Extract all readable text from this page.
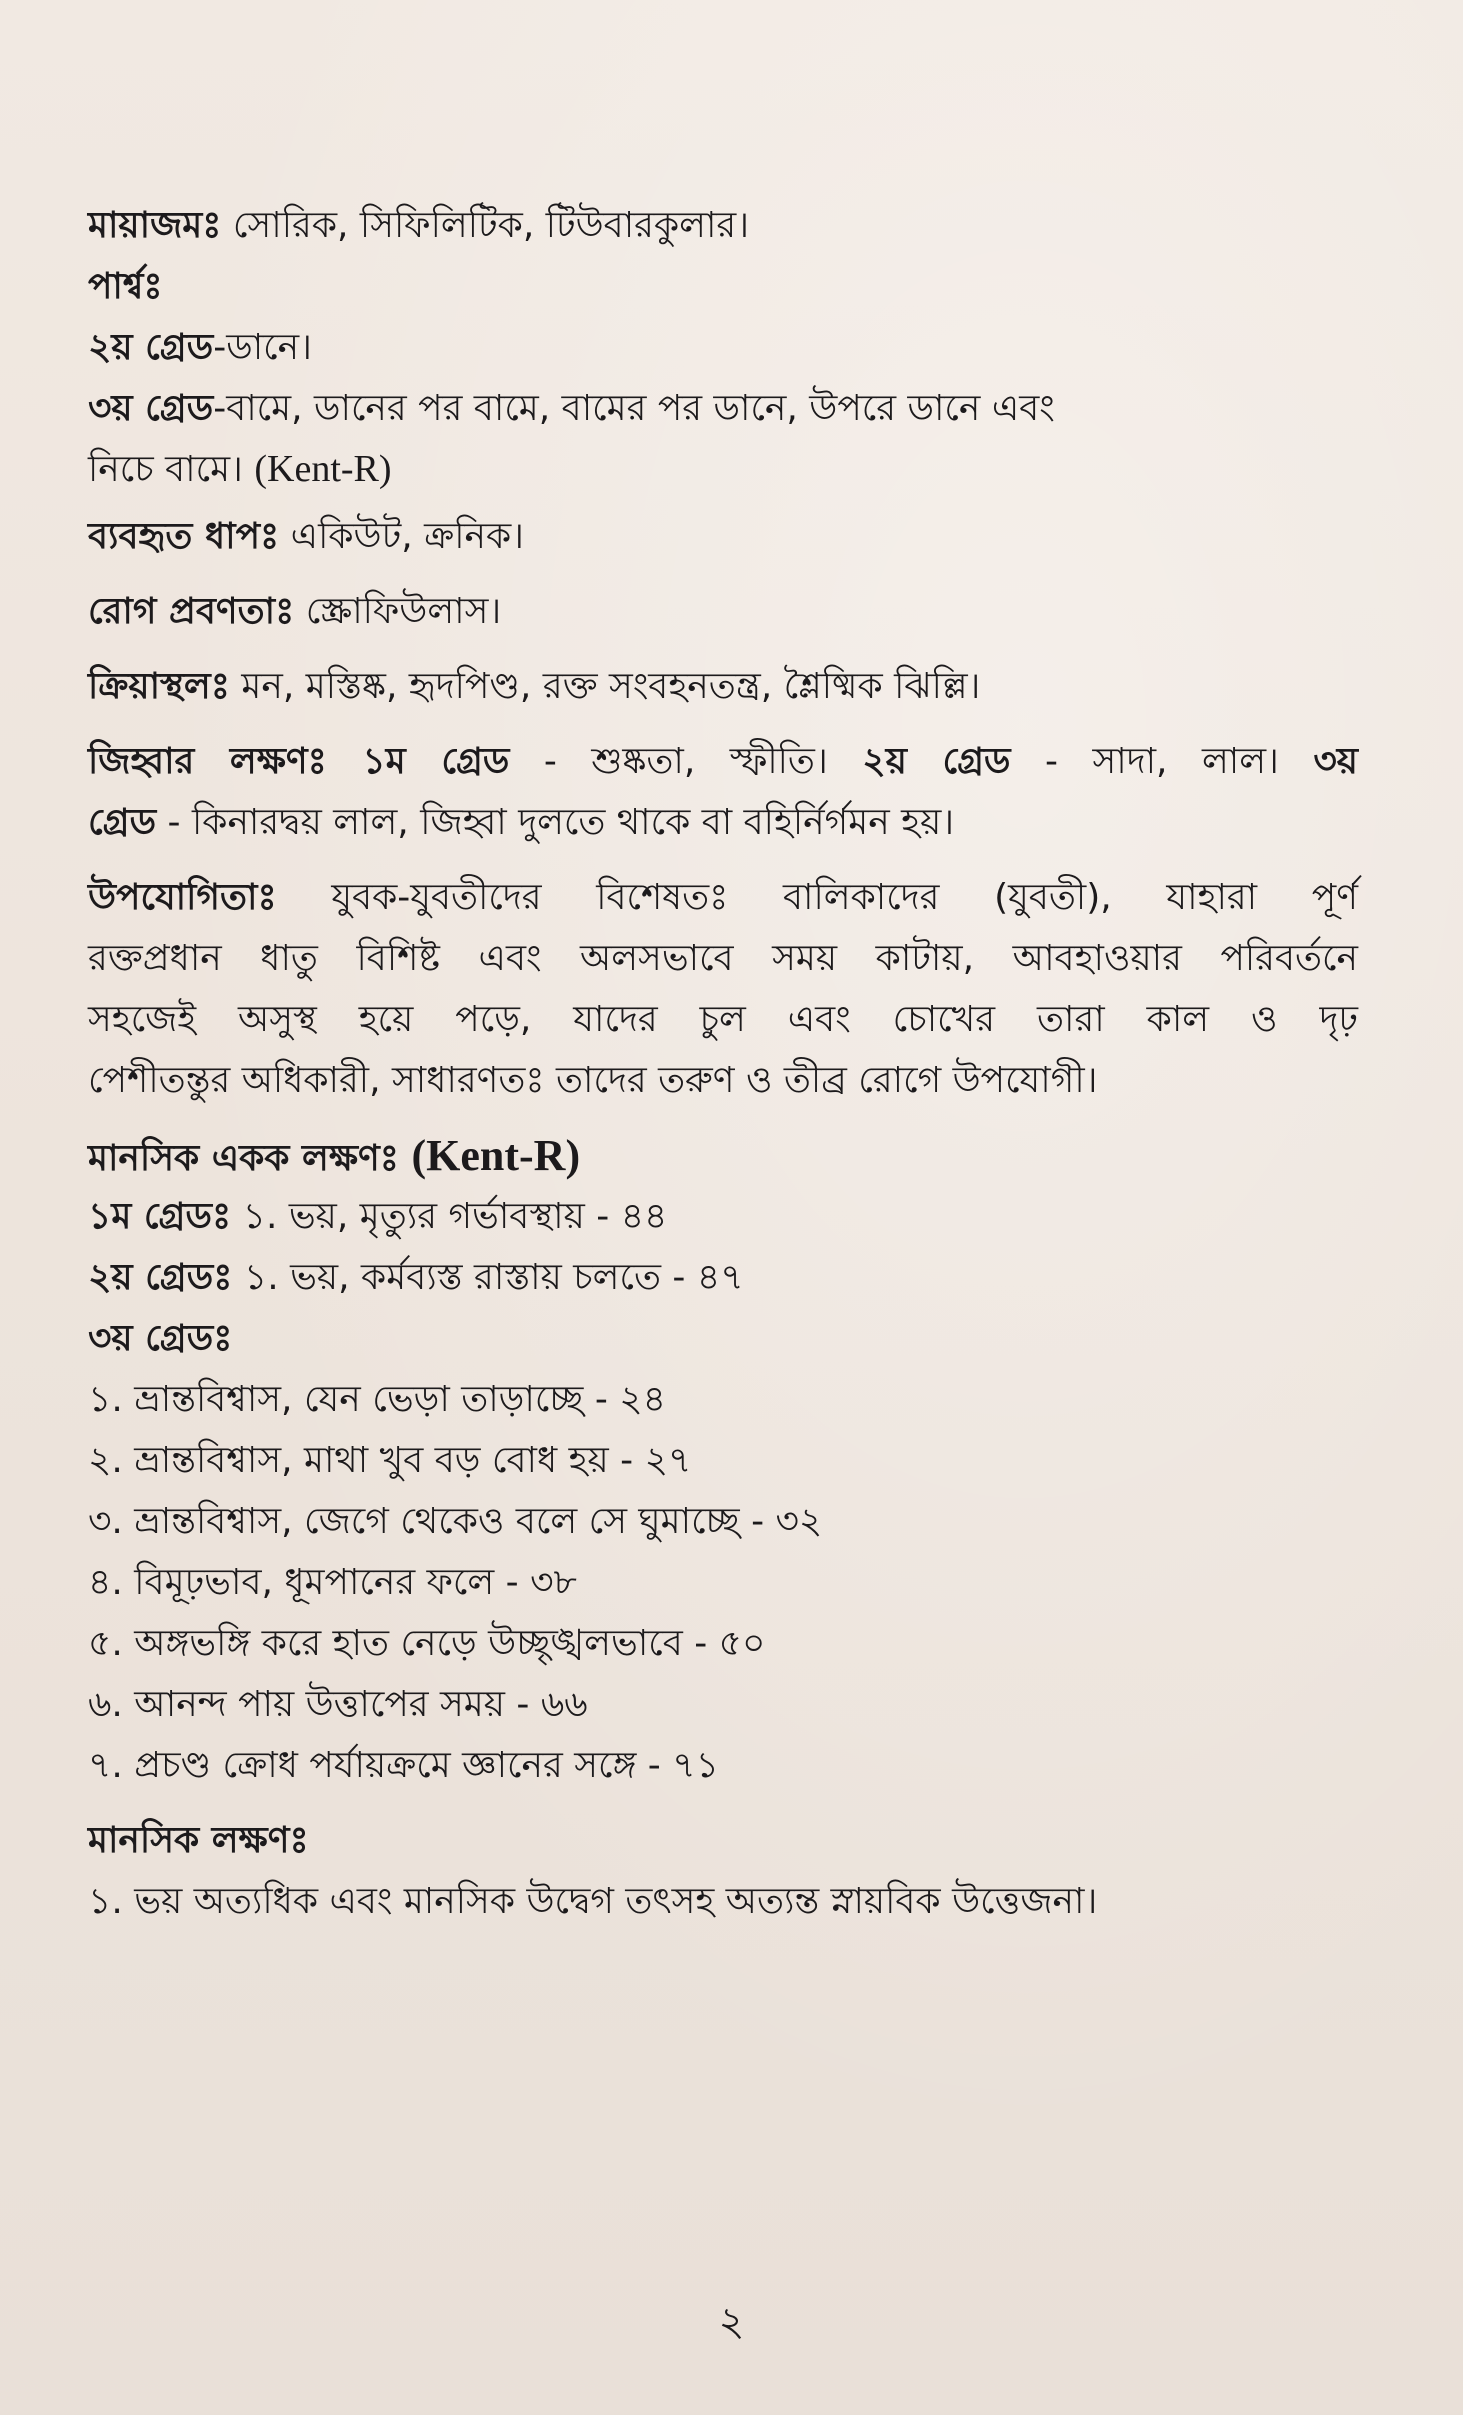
মায়াজমঃ সোরিক, সিফিলিটিক, টিউবারকুলার।
পার্শ্বঃ
২য় গ্রেড-ডানে।
৩য় গ্রেড-বামে, ডানের পর বামে, বামের পর ডানে, উপরে ডানে এবং
নিচে বামে। (Kent-R)
ব্যবহৃত ধাপঃ একিউট, ক্রনিক।
রোগ প্রবণতাঃ স্ক্রোফিউলাস।
ক্রিয়াস্থলঃ মন, মস্তিষ্ক, হৃদপিণ্ড, রক্ত সংবহনতন্ত্র, শ্লৈষ্মিক ঝিল্লি।
জিহ্বার লক্ষণঃ ১ম গ্রেড - শুষ্কতা, স্ফীতি। ২য় গ্রেড - সাদা, লাল। ৩য়
গ্রেড - কিনারদ্বয় লাল, জিহ্বা দুলতে থাকে বা বহির্নির্গমন হয়।
উপযোগিতাঃ যুবক-যুবতীদের বিশেষতঃ বালিকাদের (যুবতী), যাহারা পূর্ণ
রক্তপ্রধান ধাতু বিশিষ্ট এবং অলসভাবে সময় কাটায়, আবহাওয়ার পরিবর্তনে
সহজেই অসুস্থ হয়ে পড়ে, যাদের চুল এবং চোখের তারা কাল ও দৃঢ়
পেশীতন্তুর অধিকারী, সাধারণতঃ তাদের তরুণ ও তীব্র রোগে উপযোগী।
মানসিক একক লক্ষণঃ (Kent-R)
১ম গ্রেডঃ ১. ভয়, মৃত্যুর গর্ভাবস্থায় - ৪৪
২য় গ্রেডঃ ১. ভয়, কর্মব্যস্ত রাস্তায় চলতে - ৪৭
৩য় গ্রেডঃ
১. ভ্রান্তবিশ্বাস, যেন ভেড়া তাড়াচ্ছে - ২৪
২. ভ্রান্তবিশ্বাস, মাথা খুব বড় বোধ হয় - ২৭
৩. ভ্রান্তবিশ্বাস, জেগে থেকেও বলে সে ঘুমাচ্ছে - ৩২
৪. বিমূঢ়ভাব, ধূমপানের ফলে - ৩৮
৫. অঙ্গভঙ্গি করে হাত নেড়ে উচ্ছৃঙ্খলভাবে - ৫০
৬. আনন্দ পায় উত্তাপের সময় - ৬৬
৭. প্রচণ্ড ক্রোধ পর্যায়ক্রমে জ্ঞানের সঙ্গে - ৭১
মানসিক লক্ষণঃ
১. ভয় অত্যধিক এবং মানসিক উদ্বেগ তৎসহ অত্যন্ত স্নায়বিক উত্তেজনা।
২
